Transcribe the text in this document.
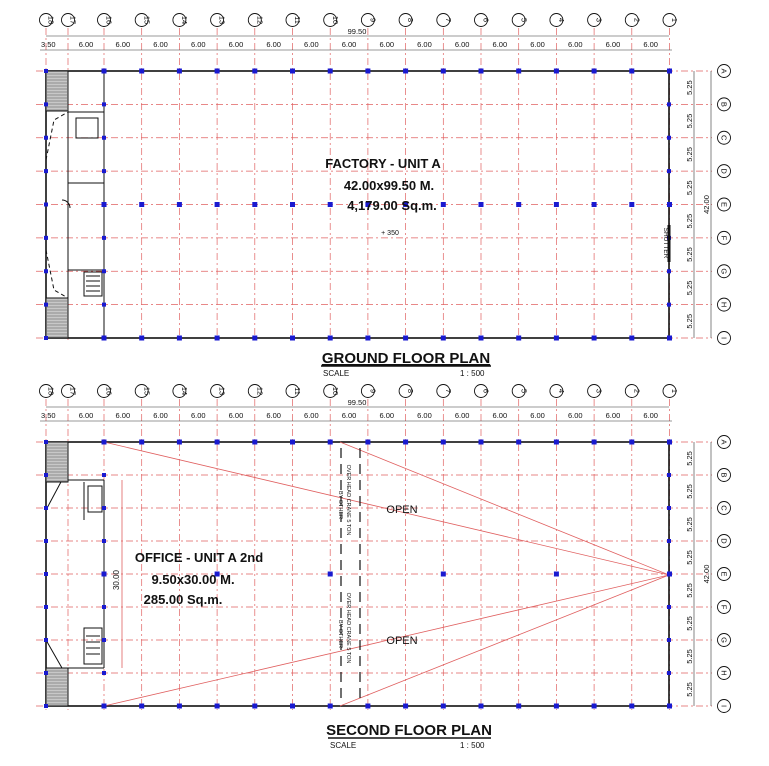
18 17	16	15	14	13	12	11	10	9	8	7	6	5	4	3	2	1
A
B
C
D
E
F
G
H
I
99.50
3.50	6.00	6.00	6.00	6.00	6.00	6.00	6.00	6.00	6.00	6.00	6.00	6.00	6.00	6.00	6.00	6.00
5.25
5.25
5.25
5.25
5.25
5.25
5.25
5.25
42.00
SHUTTER
FACTORY - UNIT A
42.00x99.50 M.
4,179.00 Sq.m.
+ 350
GROUND FLOOR PLAN
SCALE	1 : 500
18 17	16	15	14	13	12	11	10	9	8	7	6	5	4	3	2	1
A
B
C
D
E
F
G
H
I
99.50
3.50	6.00	6.00	6.00	6.00	6.00	6.00	6.00	6.00	6.00	6.00	6.00	6.00	6.00	6.00	6.00	6.00
5.25
5.25
5.25
5.25
5.25
5.25
5.25
5.25
42.00
30.00
OVER HEAD CRANE 5 TON
BY OTHER
OVER HEAD CRANE 5 TON
BY OTHER
OPEN
OPEN
OFFICE - UNIT A 2nd
9.50x30.00 M.
285.00 Sq.m.
SECOND FLOOR PLAN
SCALE	1 : 500
